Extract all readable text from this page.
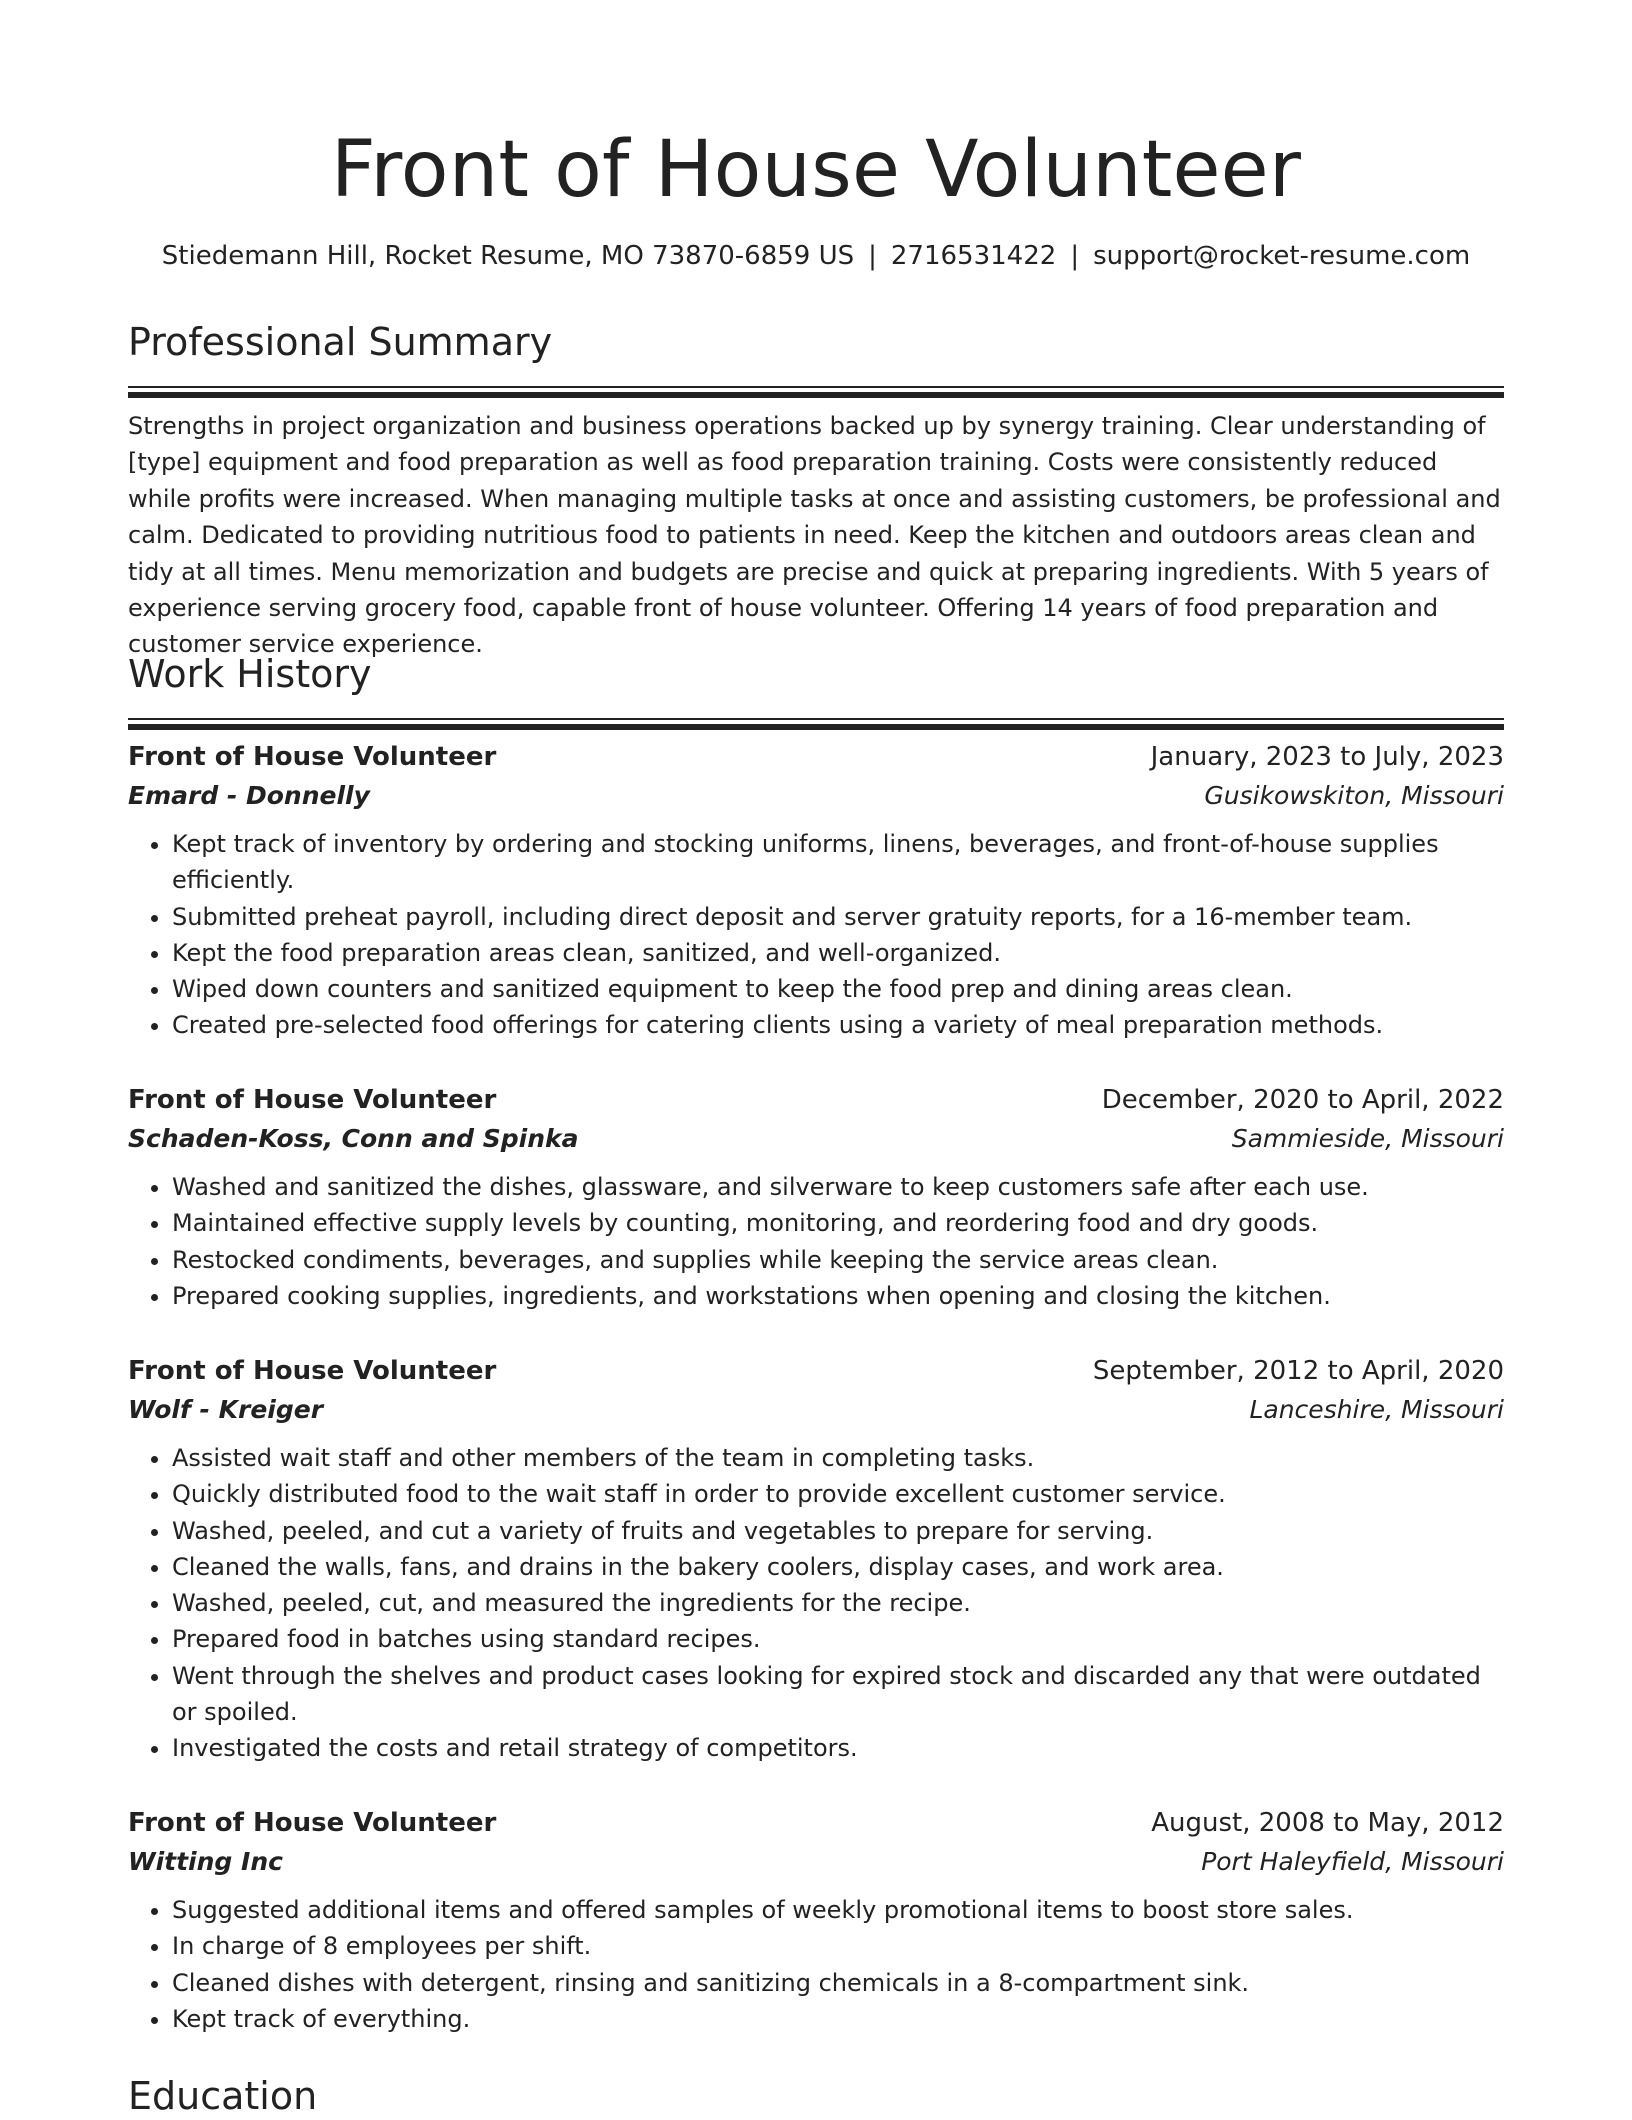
Front of House Volunteer
Stiedemann Hill, Rocket Resume, MO 73870-6859 US | 2716531422 | support@rocket-resume.com
Professional Summary

Strengths in project organization and business operations backed up by synergy training. Clear understanding of [type] equipment and food preparation as well as food preparation training. Costs were consistently reduced while profits were increased. When managing multiple tasks at once and assisting customers, be professional and calm. Dedicated to providing nutritious food to patients in need. Keep the kitchen and outdoors areas clean and tidy at all times. Menu memorization and budgets are precise and quick at preparing ingredients. With 5 years of experience serving grocery food, capable front of house volunteer. Offering 14 years of food preparation and customer service experience.

Work History
Front of House Volunteer	January, 2023 to July, 2023
Emard - Donnelly	Gusikowskiton, Missouri
• Kept track of inventory by ordering and stocking uniforms, linens, beverages, and front-of-house supplies efficiently.
• Submitted preheat payroll, including direct deposit and server gratuity reports, for a 16-member team.
• Kept the food preparation areas clean, sanitized, and well-organized.
• Wiped down counters and sanitized equipment to keep the food prep and dining areas clean.
• Created pre-selected food offerings for catering clients using a variety of meal preparation methods.
Front of House Volunteer	December, 2020 to April, 2022
Schaden-Koss, Conn and Spinka	Sammieside, Missouri
• Washed and sanitized the dishes, glassware, and silverware to keep customers safe after each use.
• Maintained effective supply levels by counting, monitoring, and reordering food and dry goods.
• Restocked condiments, beverages, and supplies while keeping the service areas clean.
• Prepared cooking supplies, ingredients, and workstations when opening and closing the kitchen.
Front of House Volunteer	September, 2012 to April, 2020
Wolf - Kreiger	Lanceshire, Missouri
• Assisted wait staff and other members of the team in completing tasks.
• Quickly distributed food to the wait staff in order to provide excellent customer service.
• Washed, peeled, and cut a variety of fruits and vegetables to prepare for serving.
• Cleaned the walls, fans, and drains in the bakery coolers, display cases, and work area.
• Washed, peeled, cut, and measured the ingredients for the recipe.
• Prepared food in batches using standard recipes.
• Went through the shelves and product cases looking for expired stock and discarded any that were outdated or spoiled.
• Investigated the costs and retail strategy of competitors.
Front of House Volunteer	August, 2008 to May, 2012
Witting Inc	Port Haleyfield, Missouri
• Suggested additional items and offered samples of weekly promotional items to boost store sales.
• In charge of 8 employees per shift.
• Cleaned dishes with detergent, rinsing and sanitizing chemicals in a 8-compartment sink.
• Kept track of everything.
Education
